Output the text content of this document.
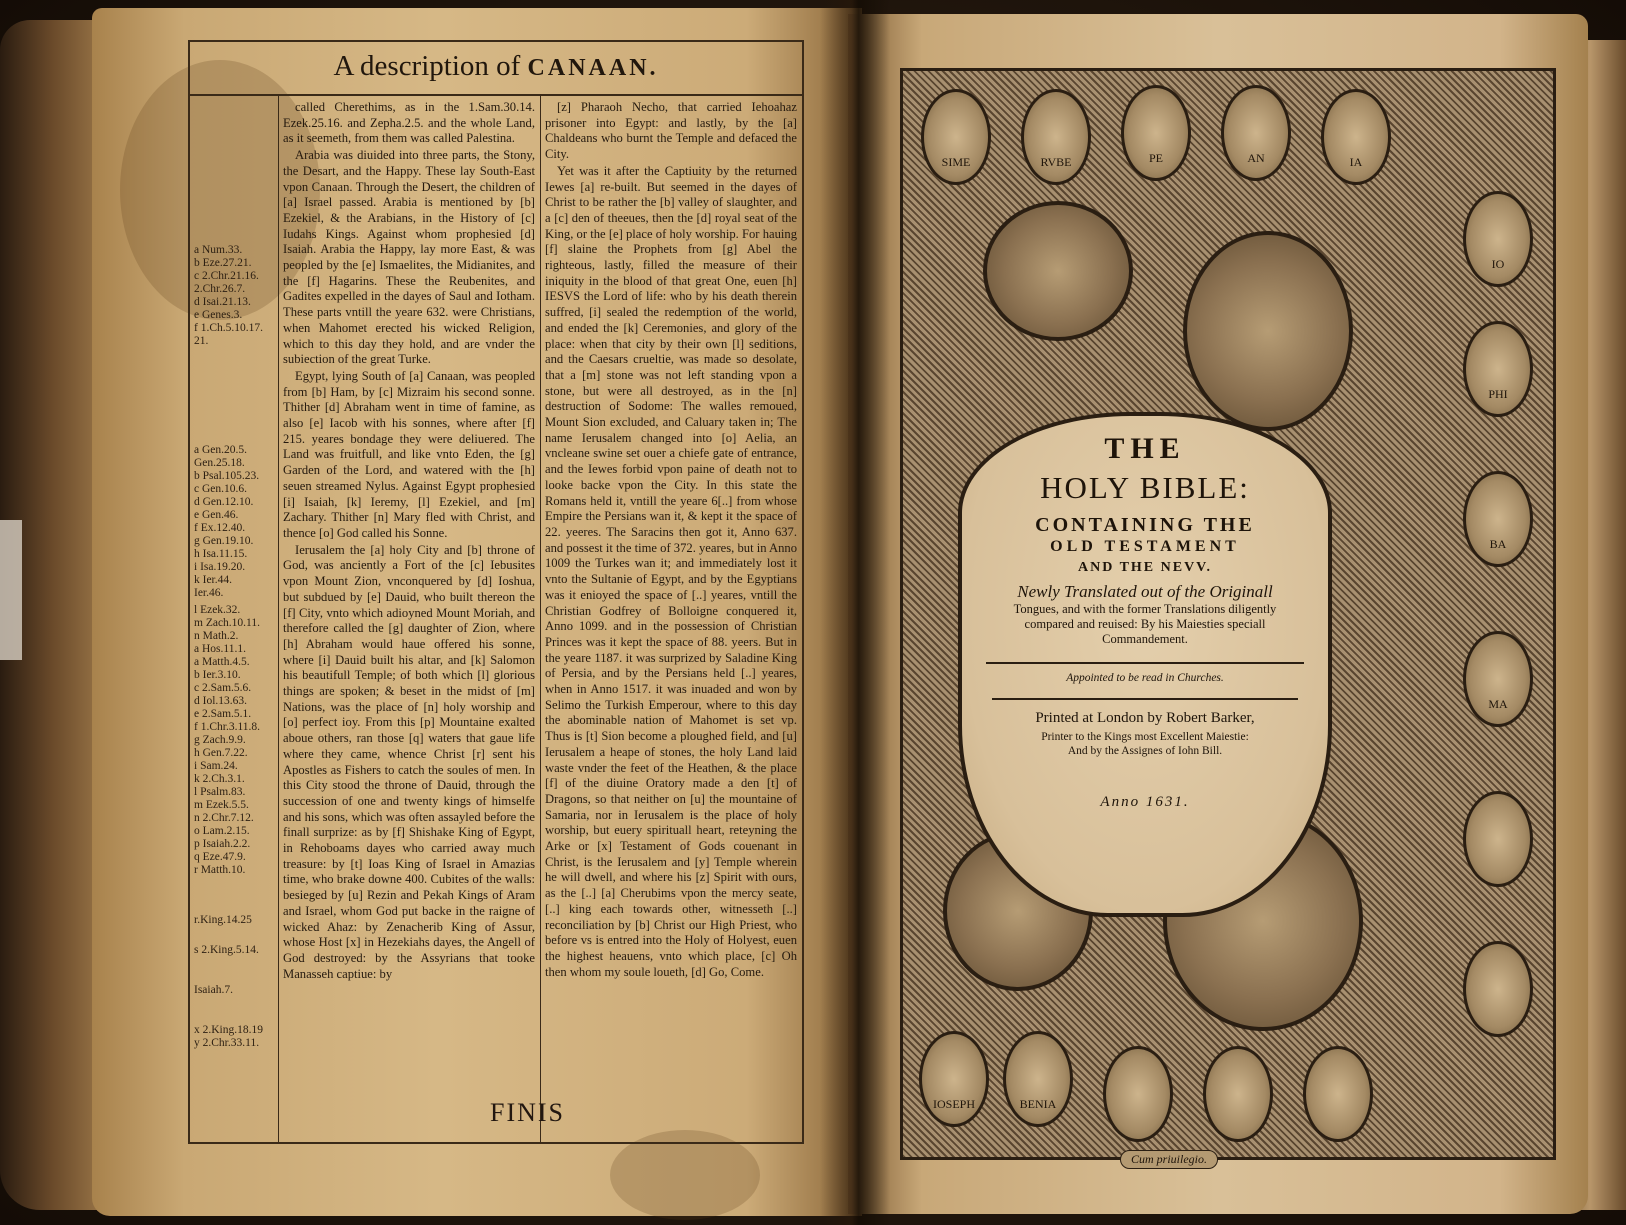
A description of CANAAN.
a Num.33.
b Eze.27.21.
c 2.Chr.21.16.
2.Chr.26.7.
d Isai.21.13.
e Genes.3.
f 1.Ch.5.10.17.
21.
a Gen.20.5.
Gen.25.18.
b Psal.105.23.
c Gen.10.6.
d Gen.12.10.
e Gen.46.
f Ex.12.40.
g Gen.19.10.
h Isa.11.15.
i Isa.19.20.
k Ier.44.
Ier.46.
l Ezek.32.
m Zach.10.11.
n Math.2.
a Hos.11.1.
a Matth.4.5.
b Ier.3.10.
c 2.Sam.5.6.
d Iol.13.63.
e 2.Sam.5.1.
f 1.Chr.3.11.8.
g Zach.9.9.
h Gen.7.22.
i Sam.24.
k 2.Ch.3.1.
l Psalm.83.
m Ezek.5.5.
n 2.Chr.7.12.
o Lam.2.15.
p Isaiah.2.2.
q Eze.47.9.
r Matth.10.
r.King.14.25
s 2.King.5.14.
Isaiah.7.
x 2.King.18.19
y 2.Chr.33.11.

called Cherethims, as in the 1.Sam.30.14. Ezek.25.16. and Zepha.2.5. and the whole Land, as it seemeth, from them was called Palestina.

Arabia was diuided into three parts, the Stony, the Desart, and the Happy. These lay South-East vpon Canaan. Through the Desert, the children of [a] Israel passed. Arabia is mentioned by [b] Ezekiel, & the Arabians, in the History of [c] Iudahs Kings. Against whom prophesied [d] Isaiah. Arabia the Happy, lay more East, & was peopled by the [e] Ismaelites, the Midianites, and the [f] Hagarins. These the Reubenites, and Gadites expelled in the dayes of Saul and Iotham. These parts vntill the yeare 632. were Christians, when Mahomet erected his wicked Religion, which to this day they hold, and are vnder the subiection of the great Turke.

Egypt, lying South of [a] Canaan, was peopled from [b] Ham, by [c] Mizraim his second sonne. Thither [d] Abraham went in time of famine, as also [e] Iacob with his sonnes, where after [f] 215. yeares bondage they were deliuered. The Land was fruitfull, and like vnto Eden, the [g] Garden of the Lord, and watered with the [h] seuen streamed Nylus. Against Egypt prophesied [i] Isaiah, [k] Ieremy, [l] Ezekiel, and [m] Zachary. Thither [n] Mary fled with Christ, and thence [o] God called his Sonne.

Ierusalem the [a] holy City and [b] throne of God, was anciently a Fort of the [c] Iebusites vpon Mount Zion, vnconquered by [d] Ioshua, but subdued by [e] Dauid, who built thereon the [f] City, vnto which adioyned Mount Moriah, and therefore called the [g] daughter of Zion, where [h] Abraham would haue offered his sonne, where [i] Dauid built his altar, and [k] Salomon his beautifull Temple; of both which [l] glorious things are spoken; & beset in the midst of [m] Nations, was the place of [n] holy worship and [o] perfect ioy. From this [p] Mountaine exalted aboue others, ran those [q] waters that gaue life where they came, whence Christ [r] sent his Apostles as Fishers to catch the soules of men. In this City stood the throne of Dauid, through the succession of one and twenty kings of himselfe and his sons, which was often assayled before the finall surprize: as by [f] Shishake King of Egypt, in Rehoboams dayes who carried away much treasure: by [t] Ioas King of Israel in Amazias time, who brake downe 400. Cubites of the walls: besieged by [u] Rezin and Pekah Kings of Aram and Israel, whom God put backe in the raigne of wicked Ahaz: by Zenacherib King of Assur, whose Host [x] in Hezekiahs dayes, the Angell of God destroyed: by the Assyrians that tooke Manasseh captiue: by

[z] Pharaoh Necho, that carried Iehoahaz prisoner into Egypt: and lastly, by the [a] Chaldeans who burnt the Temple and defaced the City.

Yet was it after the Captiuity by the returned Iewes [a] re-built. But seemed in the dayes of Christ to be rather the [b] valley of slaughter, and a [c] den of theeues, then the [d] royal seat of the King, or the [e] place of holy worship. For hauing [f] slaine the Prophets from [g] Abel the righteous, lastly, filled the measure of their iniquity in the blood of that great One, euen [h] IESVS the Lord of life: who by his death therein suffred, [i] sealed the redemption of the world, and ended the [k] Ceremonies, and glory of the place: when that city by their own [l] seditions, and the Caesars crueltie, was made so desolate, that a [m] stone was not left standing vpon a stone, but were all destroyed, as in the [n] destruction of Sodome: The walles remoued, Mount Sion excluded, and Caluary taken in; The name Ierusalem changed into [o] Aelia, an vncleane swine set ouer a chiefe gate of entrance, and the Iewes forbid vpon paine of death not to looke backe vpon the City. In this state the Romans held it, vntill the yeare 6[..] from whose Empire the Persians wan it, & kept it the space of 22. yeeres. The Saracins then got it, Anno 637. and possest it the time of 372. yeares, but in Anno 1009 the Turkes wan it; and immediately lost it vnto the Sultanie of Egypt, and by the Egyptians was it enioyed the space of [..] yeares, vntill the Christian Godfrey of Bolloigne conquered it, Anno 1099. and in the possession of Christian Princes was it kept the space of 88. yeers. But in the yeare 1187. it was surprized by Saladine King of Persia, and by the Persians held [..] yeares, when in Anno 1517. it was inuaded and won by Selimo the Turkish Emperour, where to this day the abominable nation of Mahomet is set vp. Thus is [t] Sion become a ploughed field, and [u] Ierusalem a heape of stones, the holy Land laid waste vnder the feet of the Heathen, & the place [f] of the diuine Oratory made a den [t] of Dragons, so that neither on [u] the mountaine of Samaria, nor in Ierusalem is the place of holy worship, but euery spirituall heart, reteyning the Arke or [x] Testament of Gods couenant in Christ, is the Ierusalem and [y] Temple wherein he will dwell, and where his [z] Spirit with ours, as the [..] [a] Cherubims vpon the mercy seate, [..] king each towards other, witnesseth [..] reconciliation by [b] Christ our High Priest, who before vs is entred into the Holy of Holyest, euen the highest heauens, vnto which place, [c] Oh then whom my soule loueth, [d] Go, Come.

FINIS
SIME	RVBE	PE	AN	IA
IO
PHI
BA
MA
BENIA
IOSEPH
THE
HOLY BIBLE:
CONTAINING THE
OLD TESTAMENT
AND THE NEVV.
Newly Translated out of the Originall
Tongues, and with the former Translations diligently compared and reuised: By his Maiesties speciall Commandement.
Appointed to be read in Churches.
Printed at London by Robert Barker,
Printer to the Kings most Excellent Maiestie: And by the Assignes of Iohn Bill.
Anno 1631.
Cum priuilegio.
